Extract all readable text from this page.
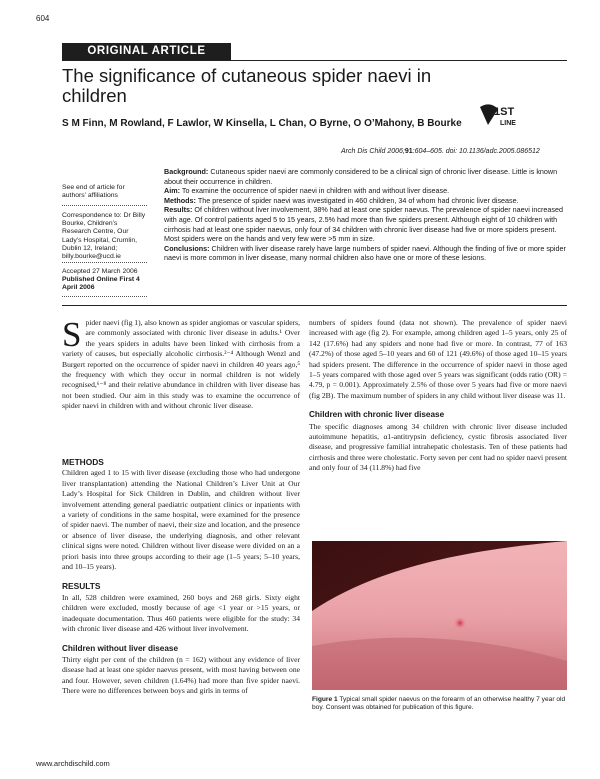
604
ORIGINAL ARTICLE
The significance of cutaneous spider naevi in children
1ST
LINE
S M Finn, M Rowland, F Lawlor, W Kinsella, L Chan, O Byrne, O O’Mahony, B Bourke
Arch Dis Child 2006;91:604–605. doi: 10.1136/adc.2005.086512
See end of article for authors’ affiliations
Correspondence to: Dr Billy Bourke, Children’s Research Centre, Our Lady’s Hospital, Crumlin, Dublin 12, Ireland; billy.bourke@ucd.ie
Accepted 27 March 2006
Published Online First 4 April 2006

Background: Cutaneous spider naevi are commonly considered to be a clinical sign of chronic liver disease. Little is known about their occurrence in children.

Aim: To examine the occurrence of spider naevi in children with and without liver disease.

Methods: The presence of spider naevi was investigated in 460 children, 34 of whom had chronic liver disease.

Results: Of children without liver involvement, 38% had at least one spider naevus. The prevalence of spider naevi increased with age. Of control patients aged 5 to 15 years, 2.5% had more than five spiders present. Although eight of 10 children with cirrhosis had at least one spider naevus, only four of 34 children with chronic liver disease had five or more spiders present. Most spiders were on the hands and very few were >5 mm in size.

Conclusions: Children with liver disease rarely have large numbers of spider naevi. Although the finding of five or more spider naevi is more common in liver disease, many normal children also have one or more of these lesions.

Spider naevi (fig 1), also known as spider angiomas or vascular spiders, are commonly associated with chronic liver disease in adults.¹ Over the years spiders in adults have been linked with cirrhosis from a variety of causes, but especially alcoholic cirrhosis.²⁻⁴ Although Wenzl and Burgert reported on the occurrence of spider naevi in children 40 years ago,⁵ the frequency with which they occur in normal children is not widely recognised,⁶⁻⁸ and their relative abundance in children with liver disease has not been studied. Our aim in this study was to examine the occurrence of spider naevi in children with and without chronic liver disease.
METHODS

Children aged 1 to 15 with liver disease (excluding those who had undergone liver transplantation) attending the National Children’s Liver Unit at Our Lady’s Hospital for Sick Children in Dublin, and children without liver involvement attending general paediatric outpatient clinics or inpatients with a variety of conditions in the same hospital, were examined for the presence of spider naevi. The number of naevi, their size and location, and the presence or absence of liver disease, the underlying diagnosis, and other relevant clinical signs were noted. Children without liver disease were divided on an a priori basis into three groups according to their age (1–5 years; 5–10 years, and 10–15 years).

RESULTS

In all, 528 children were examined, 260 boys and 268 girls. Sixty eight children were excluded, mostly because of age <1 year or >15 years, or inadequate documentation. Thus 460 patients were eligible for the study: 34 with chronic liver disease and 426 without liver involvement.

Children without liver disease

Thirty eight per cent of the children (n = 162) without any evidence of liver disease had at least one spider naevus present, with most having between one and four. However, seven children (1.64%) had more than five spider naevi. There were no differences between boys and girls in terms of

numbers of spiders found (data not shown). The prevalence of spider naevi increased with age (fig 2). For example, among children aged 1–5 years, only 25 of 142 (17.6%) had any spiders and none had five or more. In contrast, 77 of 163 (47.2%) of those aged 5–10 years and 60 of 121 (49.6%) of those aged 10–15 years had spiders present. The difference in the occurrence of spider naevi in those aged 1–5 years compared with those aged over 5 years was significant (odds ratio (OR) = 4.79, p = 0.001). Approximately 2.5% of those over 5 years had five or more naevi (fig 2B). The maximum number of spiders in any child without liver disease was 11.

Children with chronic liver disease

The specific diagnoses among 34 children with chronic liver disease included autoimmune hepatitis, α1-antitrypsin deficiency, cystic fibrosis associated liver disease, and progressive familial intrahepatic cholestasis. Ten of these patients had cirrhosis and three were cholestatic. Forty seven per cent had no spider naevi present and only four of 34 (11.8%) had five

Figure 1 Typical small spider naevus on the forearm of an otherwise healthy 7 year old boy. Consent was obtained for publication of this figure.
www.archdischild.com
